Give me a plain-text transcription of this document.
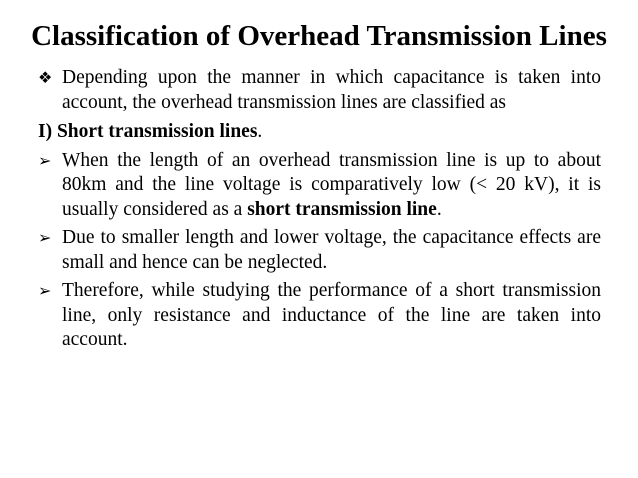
Classification of Overhead Transmission Lines

❖ Depending upon the manner in which capacitance is taken into account, the overhead transmission lines are classified as

I) Short transmission lines.

➢ When the length of an overhead transmission line is up to about 80km and the line voltage is comparatively low (< 20 kV), it is usually considered as a short transmission line.

➢ Due to smaller length and lower voltage, the capacitance effects are small and hence can be neglected.

➢ Therefore, while studying the performance of a short transmission line, only resistance and inductance of the line are taken into account.
